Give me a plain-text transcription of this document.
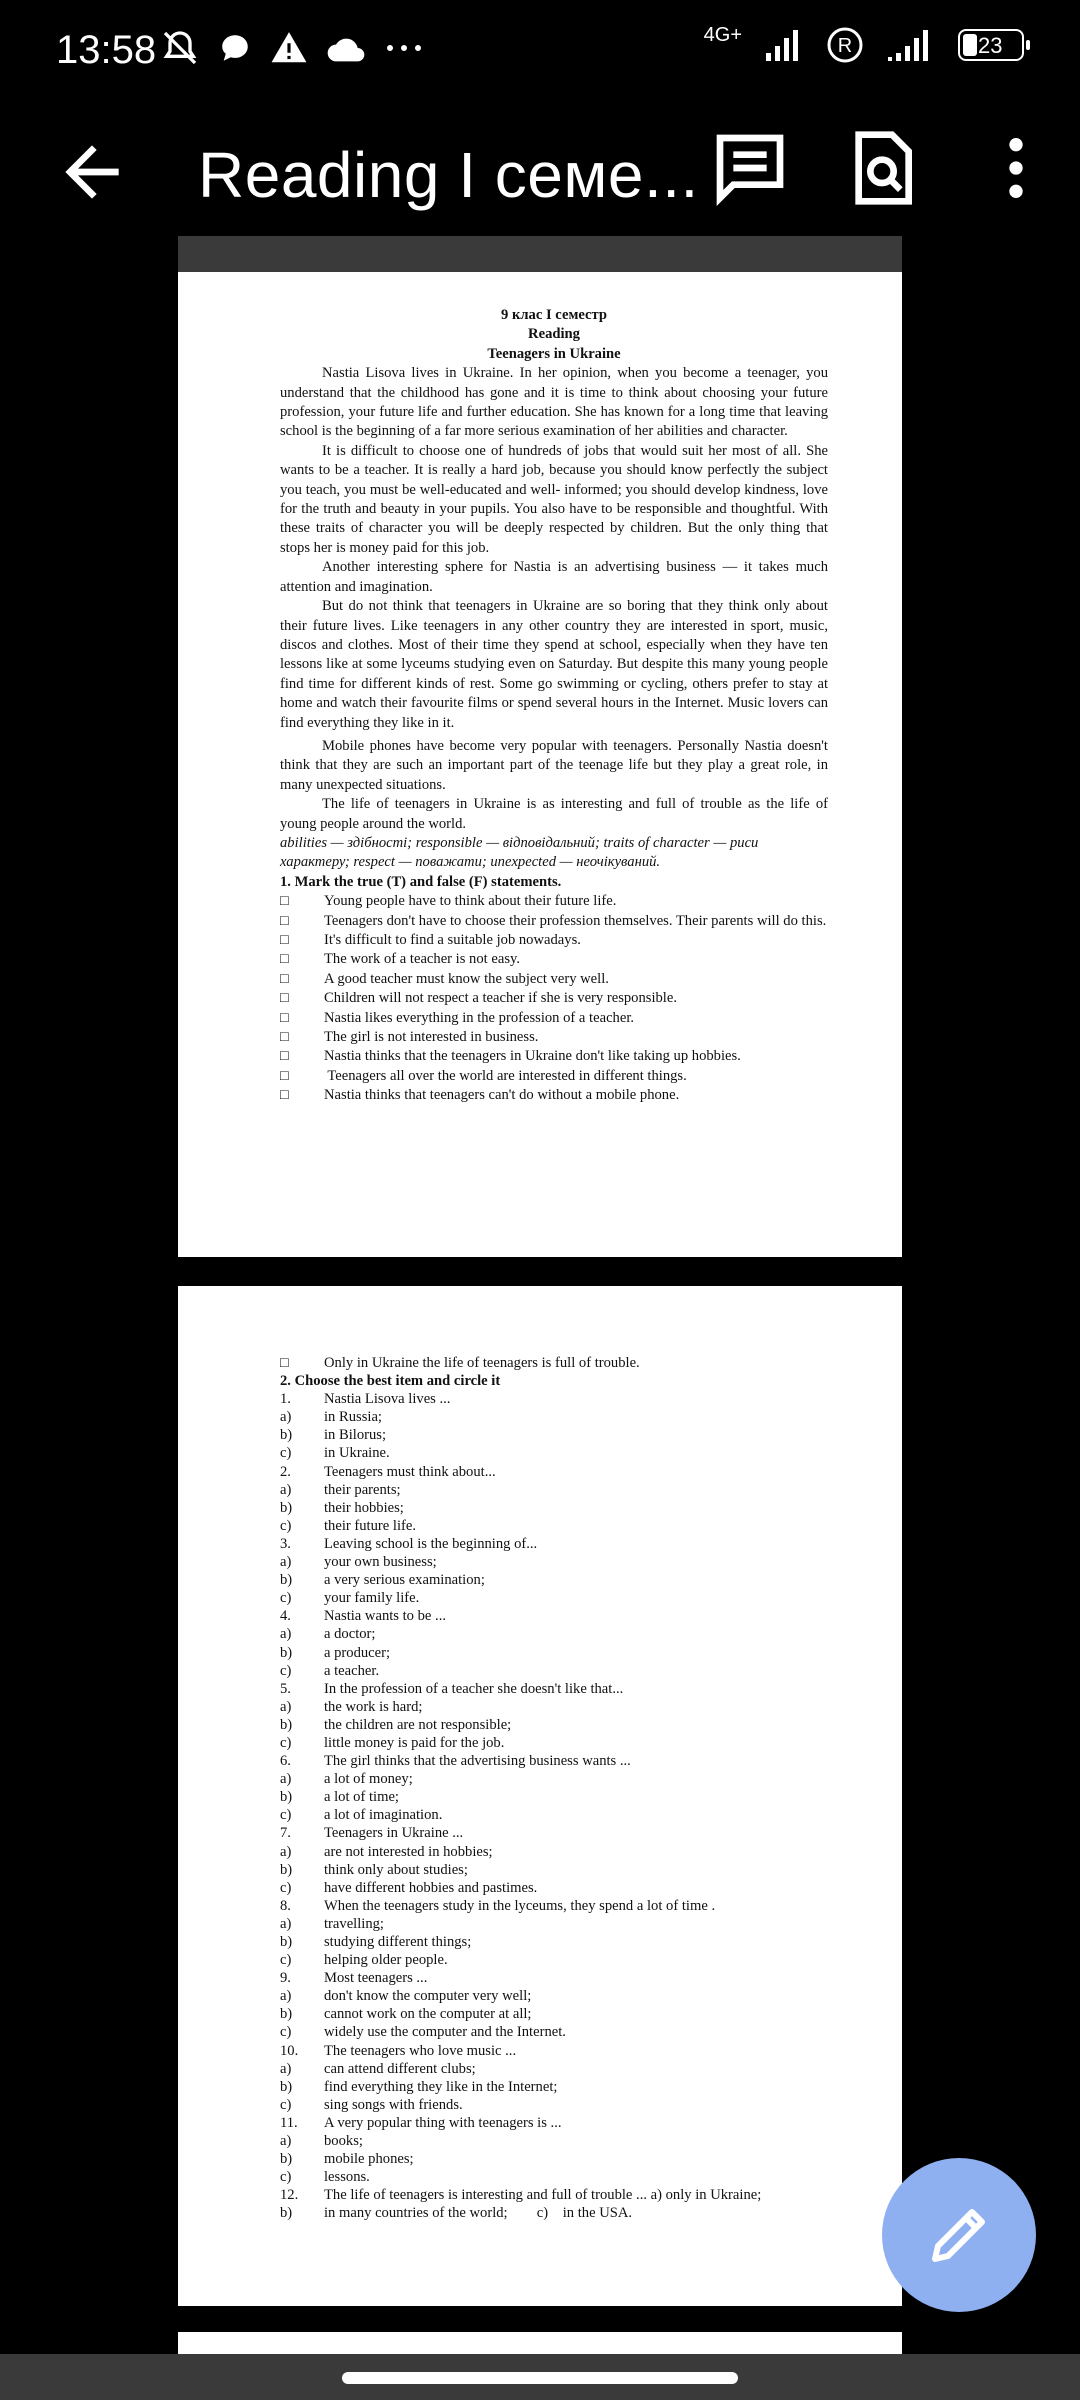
13:58	4G+
R	23
Reading I семе...
9 клас I семестр
Reading
Teenagers in Ukraine

Nastia Lisova lives in Ukraine. In her opinion, when you become a teenager, you understand that the childhood has gone and it is time to think about choosing your future profession, your future life and further education. She has known for a long time that leaving school is the beginning of a far more serious examination of her abilities and character.

It is difficult to choose one of hundreds of jobs that would suit her most of all. She wants to be a teacher. It is really a hard job, because you should know perfectly the subject you teach, you must be well-educated and well- informed; you should develop kindness, love for the truth and beauty in your pupils. You also have to be responsible and thoughtful. With these traits of character you will be deeply respected by children. But the only thing that stops her is money paid for this job.

Another interesting sphere for Nastia is an advertising business — it takes much attention and imagination.

But do not think that teenagers in Ukraine are so boring that they think only about their future lives. Like teenagers in any other country they are interested in sport, music, discos and clothes. Most of their time they spend at school, especially when they have ten lessons like at some lyceums studying even on Saturday. But despite this many young people find time for different kinds of rest. Some go swimming or cycling, others prefer to stay at home and watch their favourite films or spend several hours in the Internet. Music lovers can find everything they like in it.

Mobile phones have become very popular with teenagers. Personally Nastia doesn't think that they are such an important part of the teenage life but they play a great role, in many unexpected situations.

The life of teenagers in Ukraine is as interesting and full of trouble as the life of young people around the world.

abilities — здібності; responsible — відповідальний; traits of character — риси характеру; respect — поважати; unexpected — неочікуваний.
1. Mark the true (T) and false (F) statements.
□	Young people have to think about their future life.
□ Teenagers don't have to choose their profession themselves. Their parents will do this.
□	It's difficult to find a suitable job nowadays.
□	The work of a teacher is not easy.
□	A good teacher must know the subject very well.
□	Children will not respect a teacher if she is very responsible.
□	Nastia likes everything in the profession of a teacher.
□	The girl is not interested in business.
□	Nastia thinks that the teenagers in Ukraine don't like taking up hobbies.
□	Teenagers all over the world are interested in different things.
□	Nastia thinks that teenagers can't do without a mobile phone.
□	Only in Ukraine the life of teenagers is full of trouble.
2. Choose the best item and circle it
1.	Nastia Lisova lives ...
a)	in Russia;
b)	in Bilorus;
c)	in Ukraine.
2.	Teenagers must think about...
a)	their parents;
b)	their hobbies;
c)	their future life.
3.	Leaving school is the beginning of...
a)	your own business;
b)	a very serious examination;
c)	your family life.
4.	Nastia wants to be ...
a)	a doctor;
b)	a producer;
c)	a teacher.
5.	In the profession of a teacher she doesn't like that...
a)	the work is hard;
b)	the children are not responsible;
c)	little money is paid for the job.
6.	The girl thinks that the advertising business wants ...
a)	a lot of money;
b)	a lot of time;
c)	a lot of imagination.
7.	Teenagers in Ukraine ...
a)	are not interested in hobbies;
b)	think only about studies;
c)	have different hobbies and pastimes.
8.	When the teenagers study in the lyceums, they spend a lot of time .
a)	travelling;
b)	studying different things;
c)	helping older people.
9.	Most teenagers ...
a)	don't know the computer very well;
b)	cannot work on the computer at all;
c)	widely use the computer and the Internet.
10.	The teenagers who love music ...
a)	can attend different clubs;
b)	find everything they like in the Internet;
c)	sing songs with friends.
11.	A very popular thing with teenagers is ...
a)	books;
b)	mobile phones;
c)	lessons.
12.	The life of teenagers is interesting and full of trouble ... a) only in Ukraine;
b)	in many countries of the world;        c)    in the USA.
